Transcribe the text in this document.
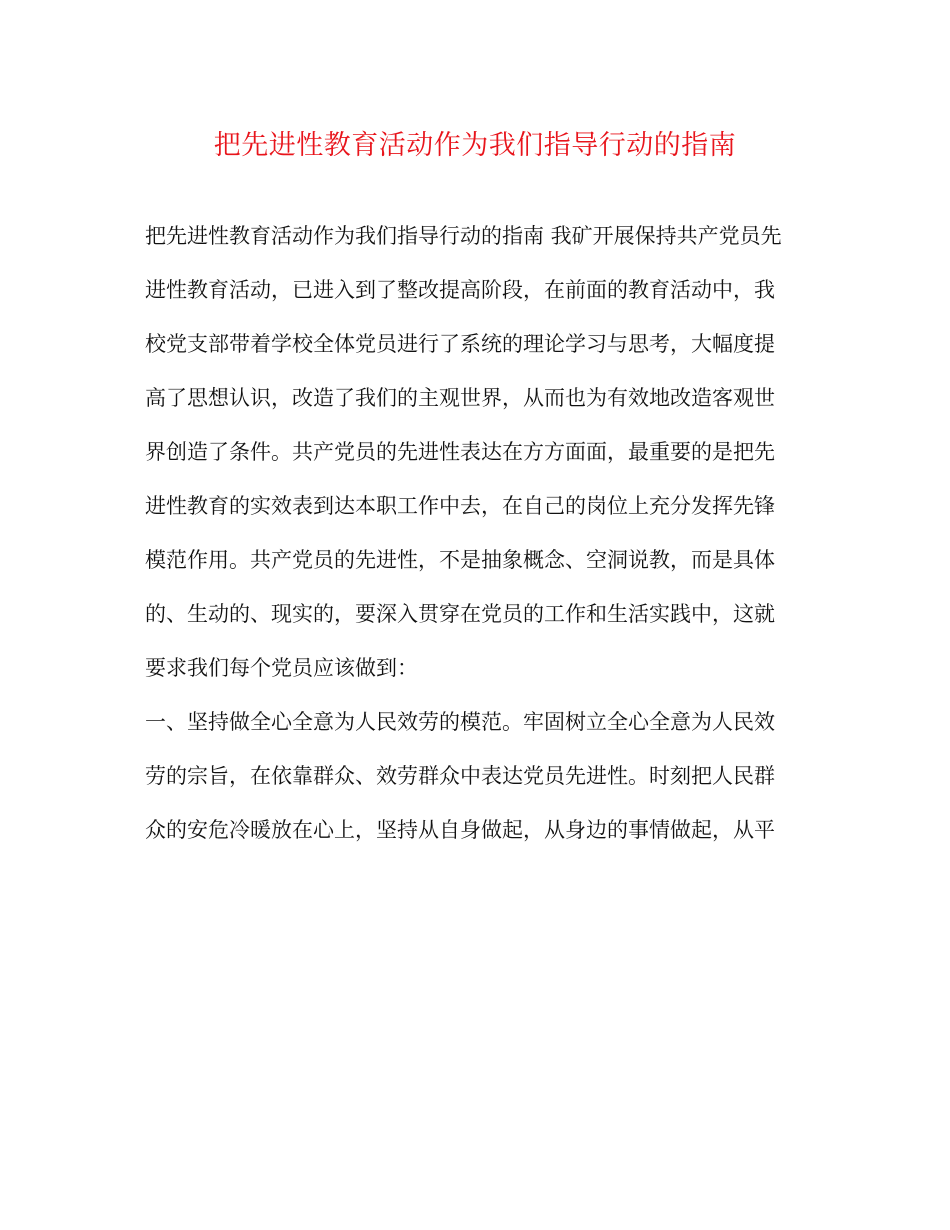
把先进性教育活动作为我们指导行动的指南
把先进性教育活动作为我们指导行动的指南 我矿开展保持共产党员先
进性教育活动，已进入到了整改提高阶段，在前面的教育活动中，我
校党支部带着学校全体党员进行了系统的理论学习与思考，大幅度提
高了思想认识，改造了我们的主观世界，从而也为有效地改造客观世
界创造了条件。共产党员的先进性表达在方方面面，最重要的是把先
进性教育的实效表到达本职工作中去，在自己的岗位上充分发挥先锋
模范作用。共产党员的先进性，不是抽象概念、空洞说教，而是具体
的、生动的、现实的，要深入贯穿在党员的工作和生活实践中，这就
要求我们每个党员应该做到：
一、坚持做全心全意为人民效劳的模范。牢固树立全心全意为人民效
劳的宗旨，在依靠群众、效劳群众中表达党员先进性。时刻把人民群
众的安危冷暖放在心上，坚持从自身做起，从身边的事情做起，从平
